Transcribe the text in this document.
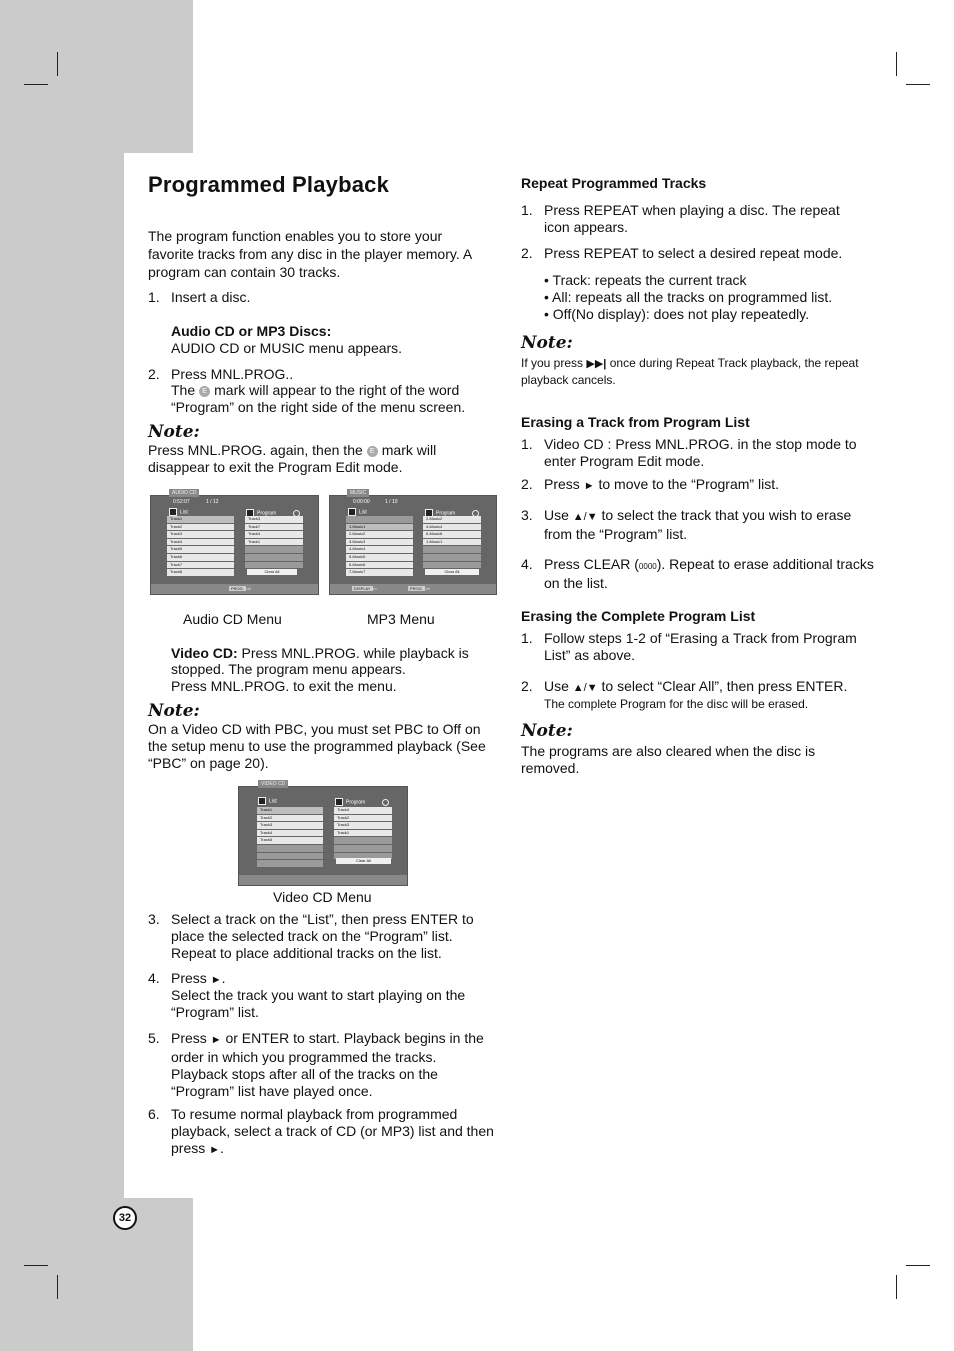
Programmed Playback

The program function enables you to store your favorite tracks from any disc in the player memory. A program can contain 30 tracks.

1. Insert a disc.
Audio CD or MP3 Discs:
AUDIO CD or MUSIC menu appears.
2. Press MNL.PROG..
The E mark will appear to the right of the word
“Program” on the right side of the menu screen.
Note:
Press MNL.PROG. again, then the E mark will
disappear to exit the Program Edit mode.
AUDIO CD
0:52:07	1 / 12
List	Program
Track1
Track2
Track3
Track4
Track5
Track6
Track7
Track8
Track3
Track7
Track4
Track1
Clear All
PROG. Edit
MUSIC
0:00:00	1 / 10
List	Program
1-Music1
2-Music2
3-Music3
4-Music4
5-Music5
6-Music6
7-Music7
2-Music2
4-Music4
6-Music6
1-Music1
Clear All
DISPLAY Info	PROG. Edit
Audio CD Menu	MP3 Menu
Video CD: Press MNL.PROG. while playback is
stopped. The program menu appears.
Press MNL.PROG. to exit the menu.
Note:

On a Video CD with PBC, you must set PBC to Off on the setup menu to use the programmed playback (See “PBC” on page 20).

VIDEO CD
List	Program
Track1
Track2
Track3
Track4
Track5
Track4
Track2
Track3
Track1
Clear All
Video CD Menu
3. Select a track on the “List”, then press ENTER to place the selected track on the “Program” list. Repeat to place additional tracks on the list.

4. Press ►.

Select the track you want to start playing on the “Program” list.

5. Press ► or ENTER to start. Playback begins in the order in which you programmed the tracks. Playback stops after all of the tracks on the “Program” list have played once.

6. To resume normal playback from programmed playback, select a track of CD (or MP3) list and then press ►.

Repeat Programmed Tracks
1. Press REPEAT when playing a disc. The repeat icon appears.

2. Press REPEAT to select a desired repeat mode.

• Track: repeats the current track
• All: repeats all the tracks on programmed list.
• Off(No display): does not play repeatedly.
Note:

If you press ▶▶| once during Repeat Track playback, the repeat playback cancels.

Erasing a Track from Program List
1. Video CD : Press MNL.PROG. in the stop mode to enter Program Edit mode.

2. Press ► to move to the “Program” list.
3. Use ▲/▼ to select the track that you wish to erase from the “Program” list.

4. Press CLEAR (0000). Repeat to erase additional tracks on the list.

Erasing the Complete Program List
1. Follow steps 1-2 of “Erasing a Track from Program List” as above.

2. Use ▲/▼ to select “Clear All”, then press ENTER.
The complete Program for the disc will be erased.
Note:

The programs are also cleared when the disc is removed.

32
